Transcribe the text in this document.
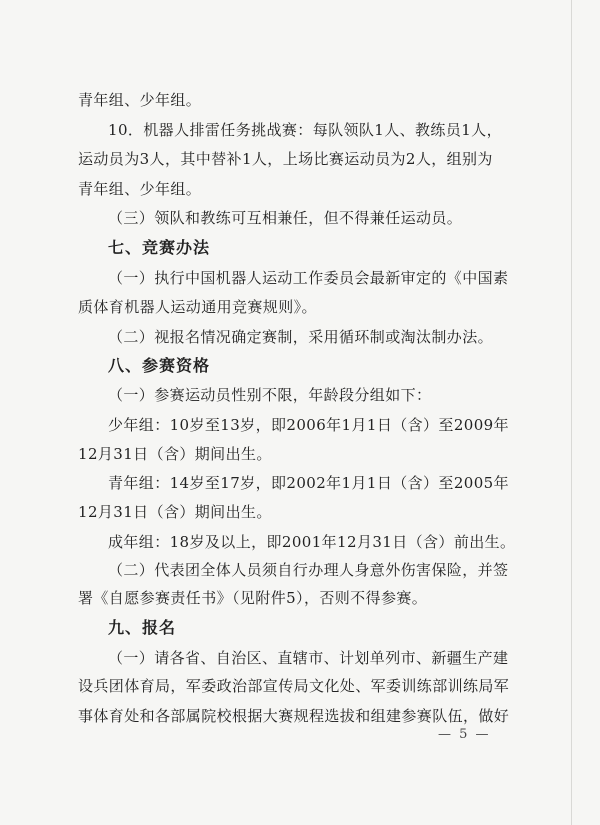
— 5 —
青年组、少年组。
10．机器人排雷任务挑战赛：每队领队1人、教练员1人，
运动员为3人，其中替补1人，上场比赛运动员为2人，组别为
青年组、少年组。
（三）领队和教练可互相兼任，但不得兼任运动员。
七、竞赛办法
（一）执行中国机器人运动工作委员会最新审定的《中国素
质体育机器人运动通用竞赛规则》。
（二）视报名情况确定赛制，采用循环制或淘汰制办法。
八、参赛资格
（一）参赛运动员性别不限，年龄段分组如下：
少年组：10岁至13岁，即2006年1月1日（含）至2009年
12月31日（含）期间出生。
青年组：14岁至17岁，即2002年1月1日（含）至2005年
12月31日（含）期间出生。
成年组：18岁及以上，即2001年12月31日（含）前出生。
（二）代表团全体人员须自行办理人身意外伤害保险，并签
署《自愿参赛责任书》（见附件5），否则不得参赛。
九、报名
（一）请各省、自治区、直辖市、计划单列市、新疆生产建
设兵团体育局，军委政治部宣传局文化处、军委训练部训练局军
事体育处和各部属院校根据大赛规程选拔和组建参赛队伍，做好
